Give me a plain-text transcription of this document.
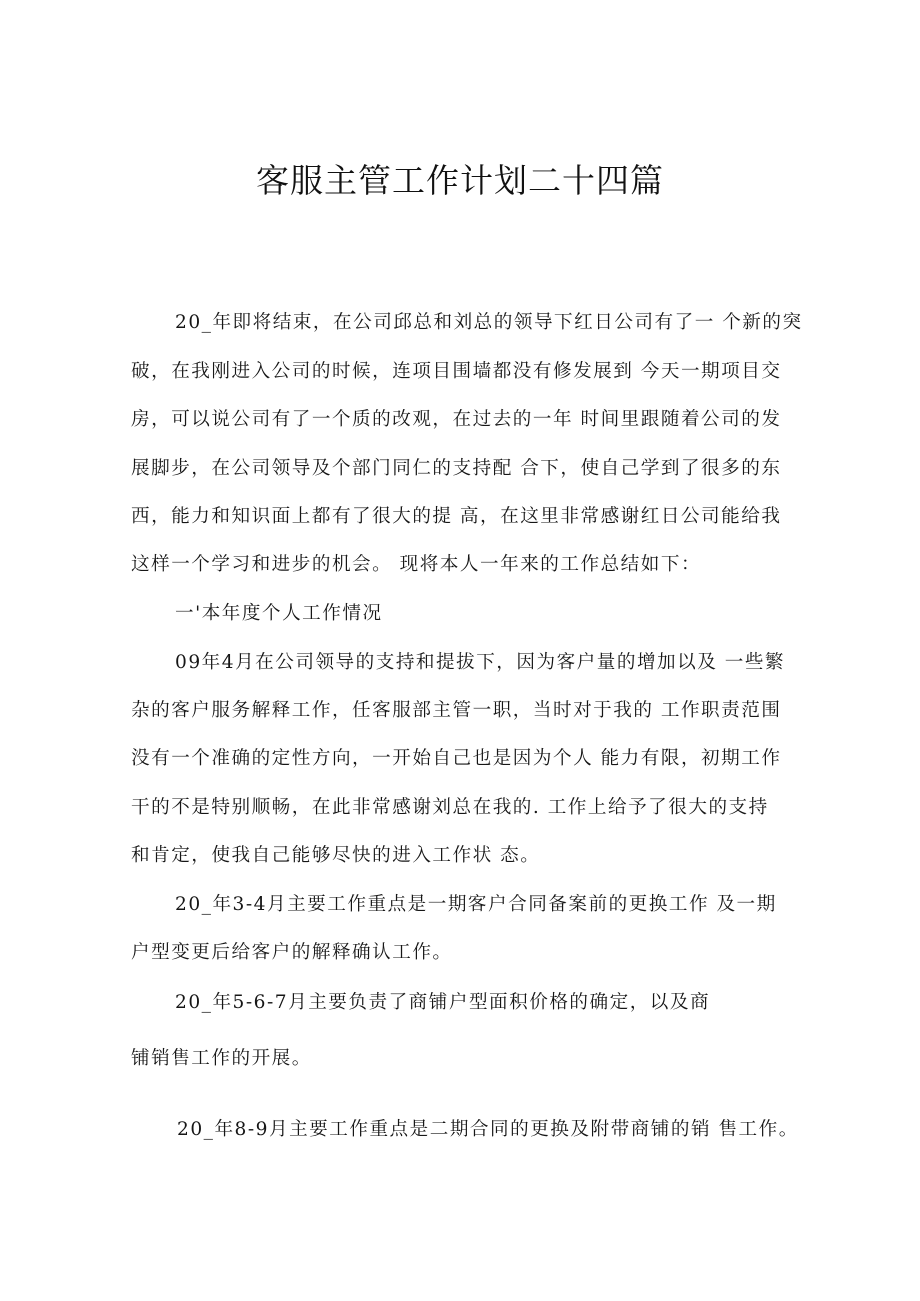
客服主管工作计划二十四篇
20_年即将结束，在公司邱总和刘总的领导下红日公司有了一 个新的突
破，在我刚进入公司的时候，连项目围墙都没有修发展到 今天一期项目交
房，可以说公司有了一个质的改观，在过去的一年 时间里跟随着公司的发
展脚步，在公司领导及个部门同仁的支持配 合下，使自己学到了很多的东
西，能力和知识面上都有了很大的提 高，在这里非常感谢红日公司能给我
这样一个学习和进步的机会。 现将本人一年来的工作总结如下：
一'本年度个人工作情况
09年4月在公司领导的支持和提拔下，因为客户量的增加以及 一些繁
杂的客户服务解释工作，任客服部主管一职，当时对于我的 工作职责范围
没有一个准确的定性方向，一开始自己也是因为个人 能力有限，初期工作
干的不是特别顺畅，在此非常感谢刘总在我的. 工作上给予了很大的支持
和肯定，使我自己能够尽快的进入工作状 态。
20_年3-4月主要工作重点是一期客户合同备案前的更换工作 及一期
户型变更后给客户的解释确认工作。
20_年5-6-7月主要负责了商铺户型面积价格的确定，以及商
铺销售工作的开展。
20_年8-9月主要工作重点是二期合同的更换及附带商铺的销 售工作。
